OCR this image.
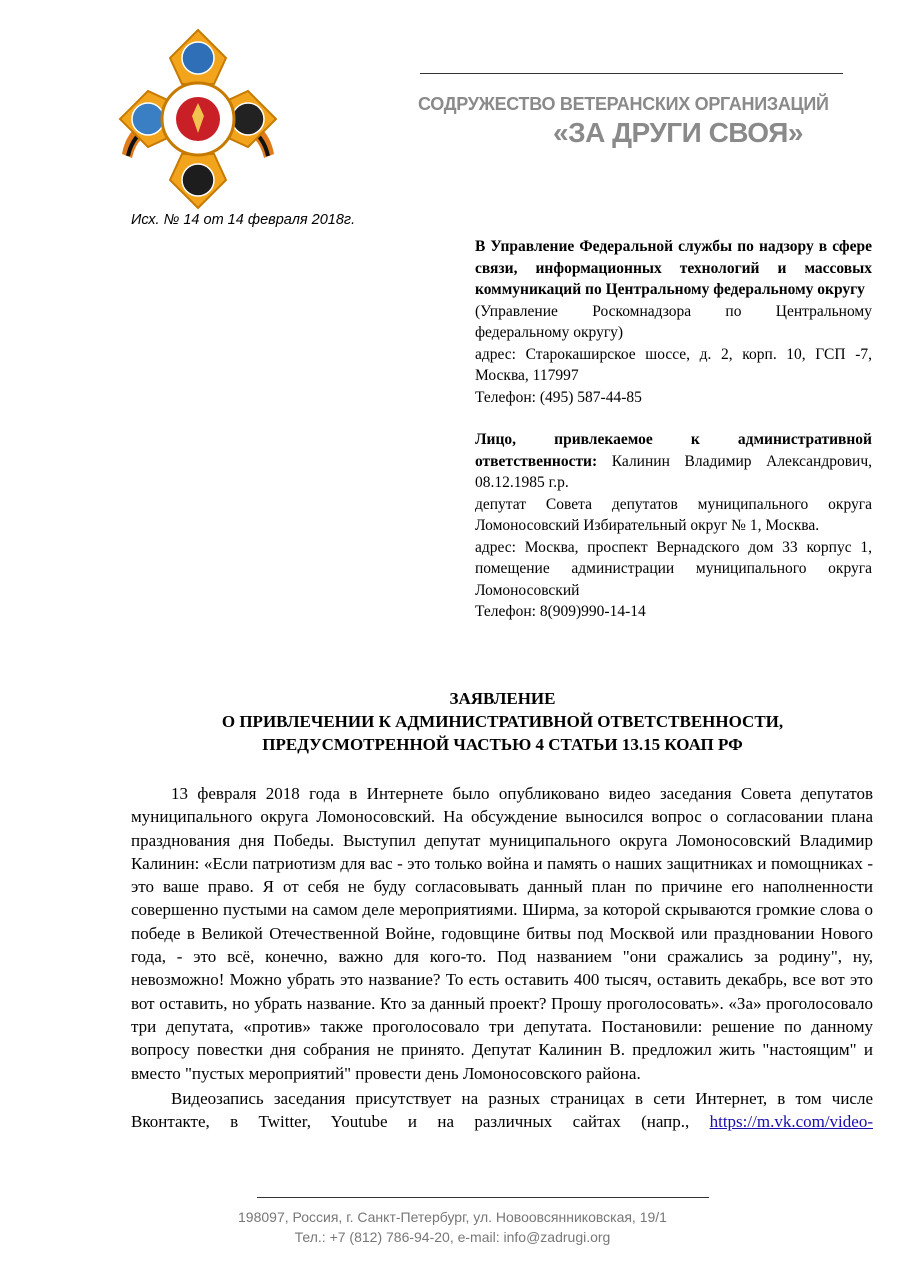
СОДРУЖЕСТВО ВЕТЕРАНСКИХ ОРГАНИЗАЦИЙ
«ЗА ДРУГИ СВОЯ»
Исх. № 14 от 14 февраля 2018г.

В Управление Федеральной службы по надзору в сфере связи, информационных технологий и массовых коммуникаций по Центральному федеральному округу

(Управление Роскомнадзора по Центральному федеральному округу)

адрес: Старокаширское шоссе, д. 2, корп. 10, ГСП -7, Москва, 117997

Телефон: (495) 587-44-85

Лицо, привлекаемое к административной ответственности: Калинин Владимир Александрович, 08.12.1985 г.р.

депутат Совета депутатов муниципального округа Ломоносовский Избирательный округ № 1, Москва.

адрес: Москва, проспект Вернадского дом 33 корпус 1, помещение администрации муниципального округа Ломоносовский

Телефон: 8(909)990-14-14

ЗАЯВЛЕНИЕ
О ПРИВЛЕЧЕНИИ К АДМИНИСТРАТИВНОЙ ОТВЕТСТВЕННОСТИ,
ПРЕДУСМОТРЕННОЙ ЧАСТЬЮ 4 СТАТЬИ 13.15 КОАП РФ

13 февраля 2018 года в Интернете было опубликовано видео заседания Совета депутатов муниципального округа Ломоносовский. На обсуждение выносился вопрос о согласовании плана празднования дня Победы. Выступил депутат муниципального округа Ломоносовский Владимир Калинин: «Если патриотизм для вас - это только война и память о наших защитниках и помощниках - это ваше право. Я от себя не буду согласовывать данный план по причине его наполненности совершенно пустыми на самом деле мероприятиями. Ширма, за которой скрываются громкие слова о победе в Великой Отечественной Войне, годовщине битвы под Москвой или праздновании Нового года, - это всё, конечно, важно для кого-то. Под названием "они сражались за родину", ну, невозможно! Можно убрать это название? То есть оставить 400 тысяч, оставить декабрь, все вот это вот оставить, но убрать название. Кто за данный проект? Прошу проголосовать». «За» проголосовало три депутата, «против» также проголосовало три депутата. Постановили: решение по данному вопросу повестки дня собрания не принято. Депутат Калинин В. предложил жить "настоящим" и вместо "пустых мероприятий" провести день Ломоносовского района.

Видеозапись заседания присутствует на разных страницах в сети Интернет, в том числе Вконтакте, в Twitter, Youtube и на различных сайтах (напр., https://m.vk.com/video-

198097, Россия, г. Санкт-Петербург, ул. Новоовсянниковская, 19/1
Тел.: +7 (812) 786-94-20, e-mail: info@zadrugi.org
